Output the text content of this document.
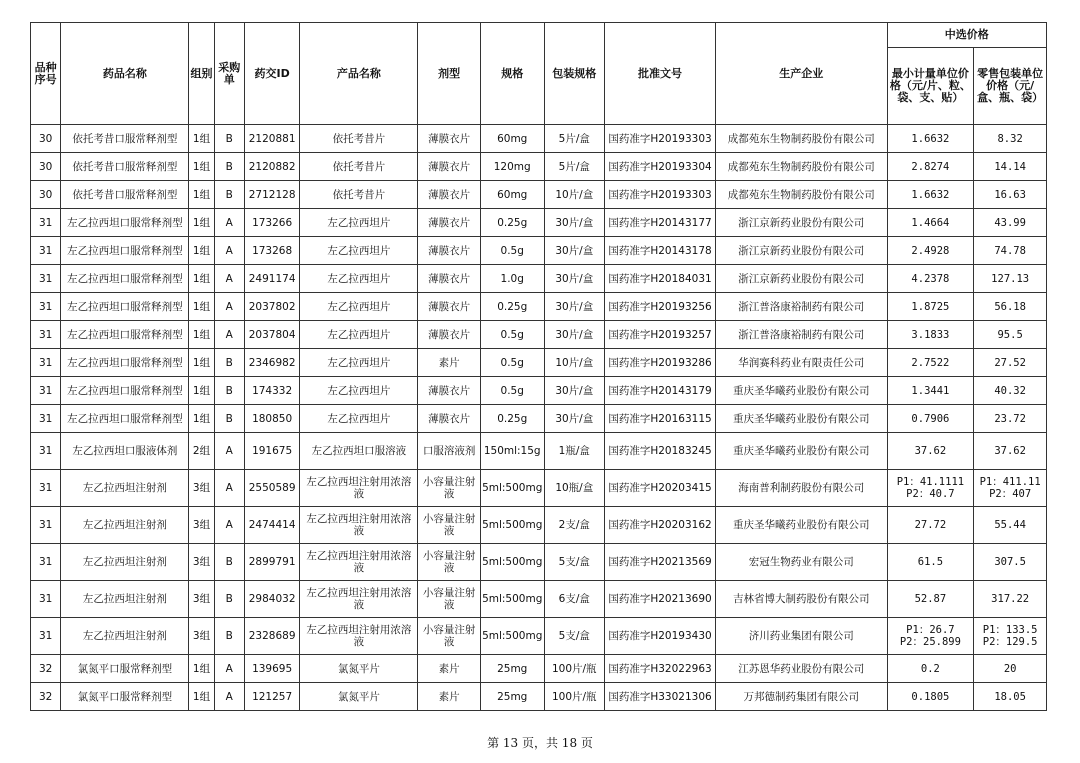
品种序号	药品名称	组别	采购单	药交ID	产品名称	剂型	规格	包装规格	批准文号	生产企业	中选价格	
											最小计量单位价格（元/片、粒、袋、支、贴）	零售包装单位价格（元/盒、瓶、袋）
30	依托考昔口服常释剂型	1组	B	2120881	依托考昔片	薄膜衣片	60mg	5片/盒	国药准字H20193303	成都苑东生物制药股份有限公司	1.6632	8.32

30	依托考昔口服常释剂型	1组	B	2120882	依托考昔片	薄膜衣片	120mg	5片/盒	国药准字H20193304	成都苑东生物制药股份有限公司	2.8274	14.14

30	依托考昔口服常释剂型	1组	B	2712128	依托考昔片	薄膜衣片	60mg	10片/盒	国药准字H20193303	成都苑东生物制药股份有限公司	1.6632	16.63

31	左乙拉西坦口服常释剂型	1组	A	173266	左乙拉西坦片	薄膜衣片	0.25g	30片/盒	国药准字H20143177	浙江京新药业股份有限公司	1.4664	43.99

31	左乙拉西坦口服常释剂型	1组	A	173268	左乙拉西坦片	薄膜衣片	0.5g	30片/盒	国药准字H20143178	浙江京新药业股份有限公司	2.4928	74.78

31	左乙拉西坦口服常释剂型	1组	A	2491174	左乙拉西坦片	薄膜衣片	1.0g	30片/盒	国药准字H20184031	浙江京新药业股份有限公司	4.2378	127.13

31	左乙拉西坦口服常释剂型	1组	A	2037802	左乙拉西坦片	薄膜衣片	0.25g	30片/盒	国药准字H20193256	浙江普洛康裕制药有限公司	1.8725	56.18

31	左乙拉西坦口服常释剂型	1组	A	2037804	左乙拉西坦片	薄膜衣片	0.5g	30片/盒	国药准字H20193257	浙江普洛康裕制药有限公司	3.1833	95.5

31	左乙拉西坦口服常释剂型	1组	B	2346982	左乙拉西坦片	素片	0.5g	10片/盒	国药准字H20193286	华润赛科药业有限责任公司	2.7522	27.52

31	左乙拉西坦口服常释剂型	1组	B	174332	左乙拉西坦片	薄膜衣片	0.5g	30片/盒	国药准字H20143179	重庆圣华曦药业股份有限公司	1.3441	40.32

31	左乙拉西坦口服常释剂型	1组	B	180850	左乙拉西坦片	薄膜衣片	0.25g	30片/盒	国药准字H20163115	重庆圣华曦药业股份有限公司	0.7906	23.72

31	左乙拉西坦口服液体剂	2组	A	191675	左乙拉西坦口服溶液	口服溶液剂	150ml:15g	1瓶/盒	国药准字H20183245	重庆圣华曦药业股份有限公司	37.62	37.62

31	左乙拉西坦注射剂	3组	A	2550589	左乙拉西坦注射用浓溶液	小容量注射液	5ml:500mg	10瓶/盒	国药准字H20203415	海南普利制药股份有限公司	P1：41.1111
P2：40.7	P1：411.11
P2：407

31	左乙拉西坦注射剂	3组	A	2474414	左乙拉西坦注射用浓溶液	小容量注射液	5ml:500mg	2支/盒	国药准字H20203162	重庆圣华曦药业股份有限公司	27.72	55.44

31	左乙拉西坦注射剂	3组	B	2899791	左乙拉西坦注射用浓溶液	小容量注射液	5ml:500mg	5支/盒	国药准字H20213569	宏冠生物药业有限公司	61.5	307.5

31	左乙拉西坦注射剂	3组	B	2984032	左乙拉西坦注射用浓溶液	小容量注射液	5ml:500mg	6支/盒	国药准字H20213690	吉林省博大制药股份有限公司	52.87	317.22

31	左乙拉西坦注射剂	3组	B	2328689	左乙拉西坦注射用浓溶液	小容量注射液	5ml:500mg	5支/盒	国药准字H20193430	济川药业集团有限公司	P1：26.7
P2：25.899	P1：133.5
P2：129.5

32	氯氮平口服常释剂型	1组	A	139695	氯氮平片	素片	25mg	100片/瓶	国药准字H32022963	江苏恩华药业股份有限公司	0.2	20

32	氯氮平口服常释剂型	1组	A	121257	氯氮平片	素片	25mg	100片/瓶	国药准字H33021306	万邦德制药集团有限公司	0.1805	18.05
第 13 页，共 18 页
